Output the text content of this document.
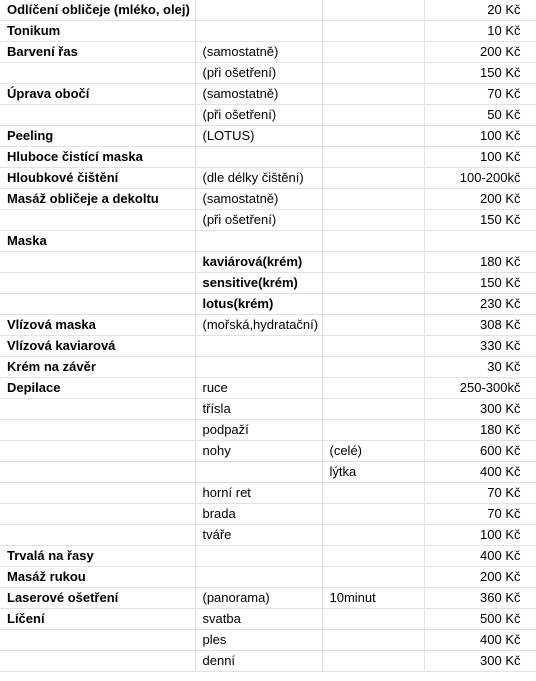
Odlíčení obličeje (mléko, olej)			20 Kč
Tonikum			10 Kč
Barvení řas	(samostatně)		200 Kč
	(při ošetření)		150 Kč
Úprava obočí	(samostatně)		70 Kč
	(při ošetření)		50 Kč
Peeling	(LOTUS)		100 Kč
Hluboce čistící maska			100 Kč
Hloubkové čištění	(dle délky čištění)		100-200kč
Masáž obličeje a dekoltu	(samostatně)		200 Kč
	(při ošetření)		150 Kč
Maska			
	kaviárová(krém)		180 Kč
	sensitive(krém)		150 Kč
	lotus(krém)		230 Kč
Vlízová maska	(mořská,hydratační)		308 Kč
Vlízová kaviarová			330 Kč
Krém na závěr			30 Kč
Depilace	ruce		250-300kč
	třísla		300 Kč
	podpaží		180 Kč
	nohy	(celé)	600 Kč
		lýtka	400 Kč
	horní ret		70 Kč
	brada		70 Kč
	tváře		100 Kč
Trvalá na řasy			400 Kč
Masáž rukou			200 Kč
Laserové ošetření	(panorama)	10minut	360 Kč
Líčení	svatba		500 Kč
	ples		400 Kč
	denní		300 Kč
